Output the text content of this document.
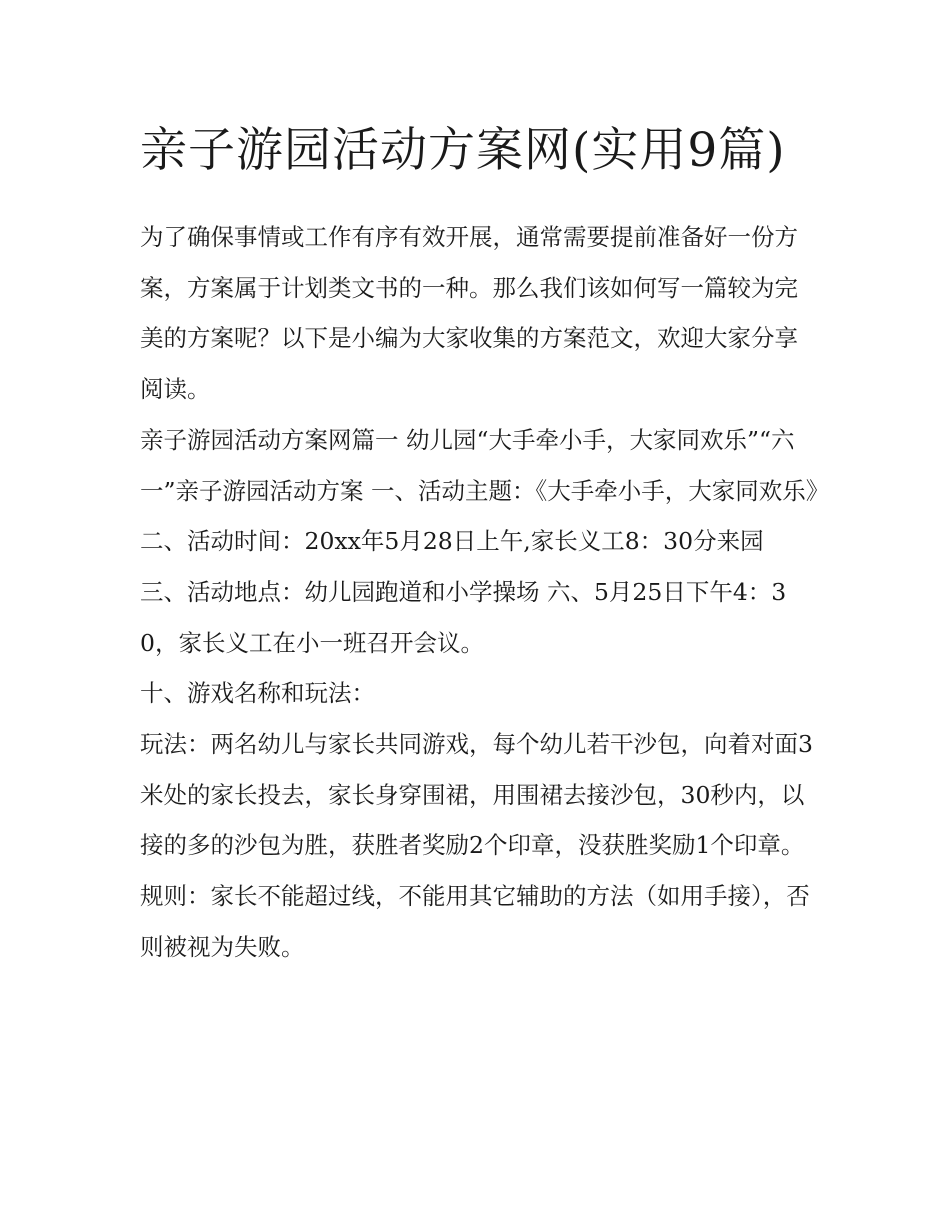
亲子游园活动方案网(实用9篇)

为了确保事情或工作有序有效开展，通常需要提前准备好一份方案，方案属于计划类文书的一种。那么我们该如何写一篇较为完美的方案呢？以下是小编为大家收集的方案范文，欢迎大家分享阅读。

亲子游园活动方案网篇一 幼儿园“大手牵小手，大家同欢乐”“六一”亲子游园活动方案 一、活动主题：《大手牵小手，大家同欢乐》

二、活动时间：20xx年5月28日上午,家长义工8：30分来园

三、活动地点：幼儿园跑道和小学操场 六、5月25日下午4：30，家长义工在小一班召开会议。

十、游戏名称和玩法：

玩法：两名幼儿与家长共同游戏，每个幼儿若干沙包，向着对面3米处的家长投去，家长身穿围裙，用围裙去接沙包，30秒内，以接的多的沙包为胜，获胜者奖励2个印章，没获胜奖励1个印章。规则：家长不能超过线，不能用其它辅助的方法（如用手接），否则被视为失败。
